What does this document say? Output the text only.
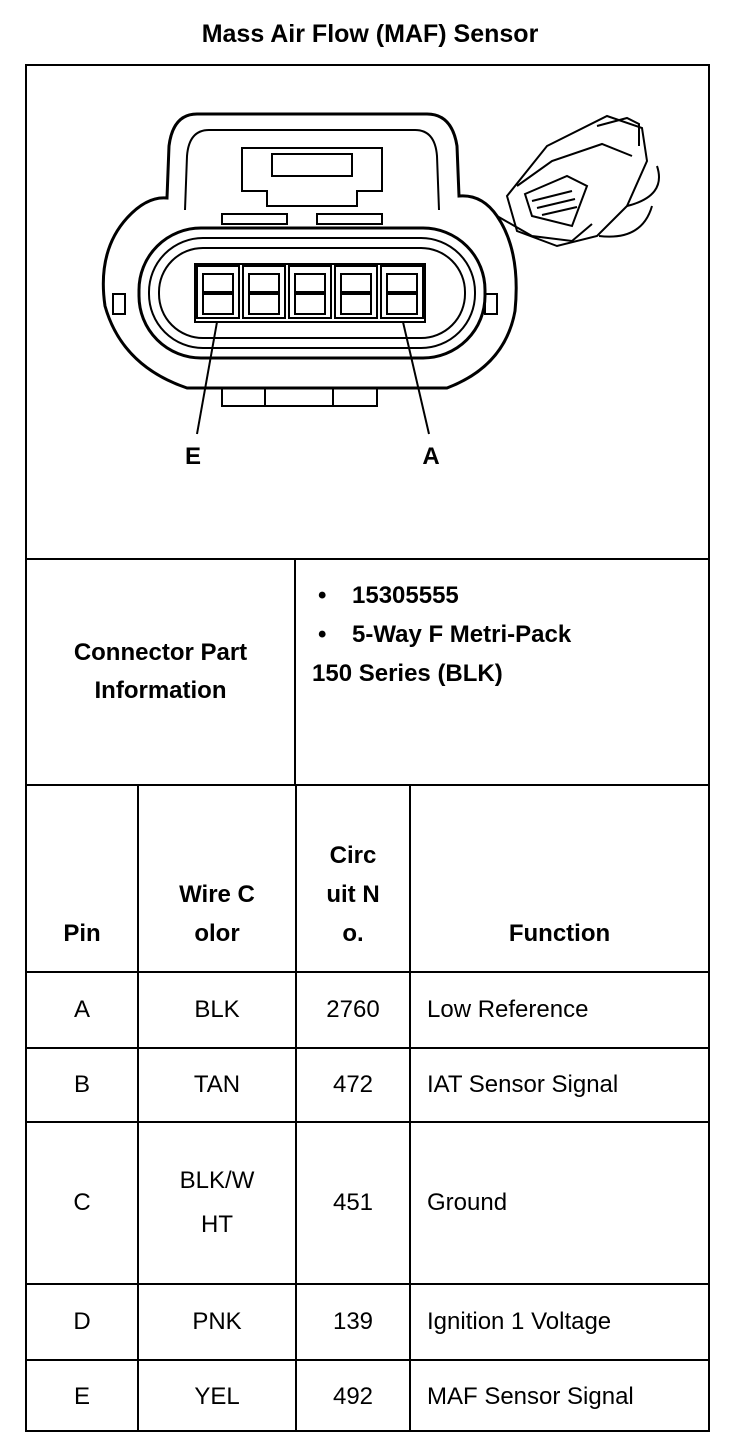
Mass Air Flow (MAF) Sensor
E	A
Connector Part Information
• 15305555
• 5-Way F Metri-Pack
150 Series (BLK)
Pin	Wire Color	Circuit No.	Function
A	BLK	2760	Low Reference
B	TAN	472	IAT Sensor Signal
C	BLK/WHT	451	Ground
D	PNK	139	Ignition 1 Voltage
E	YEL	492	MAF Sensor Signal
